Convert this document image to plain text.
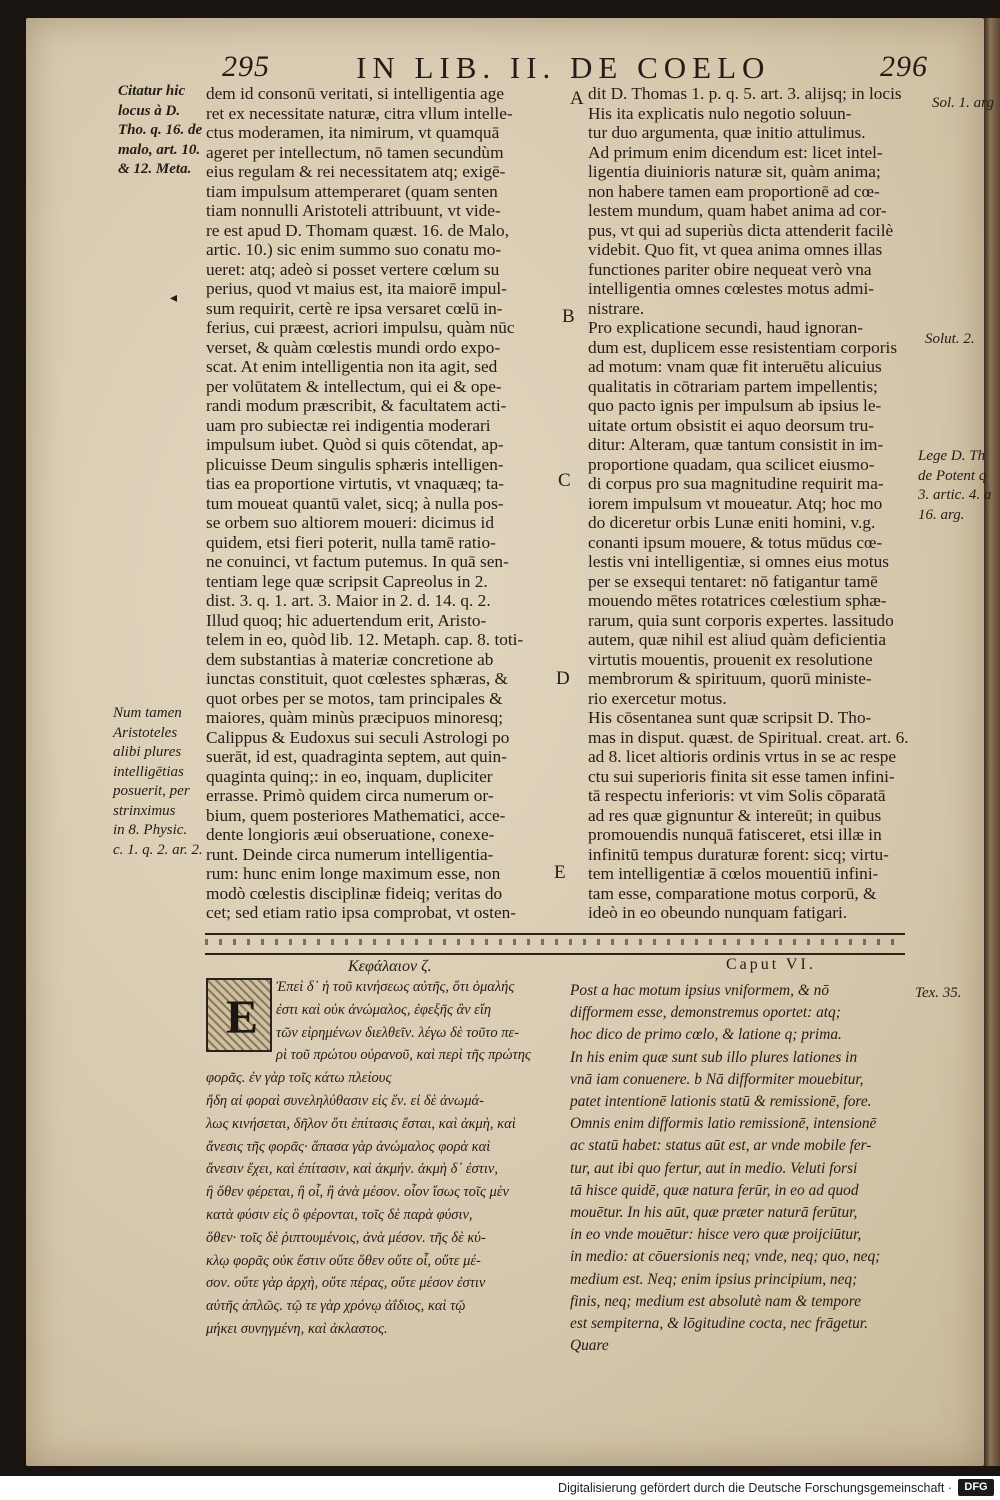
295	IN LIB. II. DE COELO	296
Citatur hic
locus à D.
Tho. q. 16. de
malo, art. 10.
& 12. Meta.
◂
Num tamen
Aristoteles
alibi plures
intelligētias
posuerit, per
strinximus
in 8. Physic.
c. 1. q. 2. ar. 2.
dem id consonū veritati, si intelligentia age
ret ex necessitate naturæ, citra vllum intelle-
ctus moderamen, ita nimirum, vt quamquā
ageret per intellectum, nō tamen secundùm
eius regulam & rei necessitatem atq; exigē-
tiam impulsum attemperaret (quam senten
tiam nonnulli Aristoteli attribuunt, vt vide-
re est apud D. Thomam quæst. 16. de Malo,
artic. 10.) sic enim summo suo conatu mo-
ueret: atq; adeò si posset vertere cœlum su
perius, quod vt maius est, ita maiorē impul-
sum requirit, certè re ipsa versaret cœlū in-
ferius, cui præest, acriori impulsu, quàm nūc
verset, & quàm cœlestis mundi ordo expo-
scat. At enim intelligentia non ita agit, sed
per volūtatem & intellectum, qui ei & ope-
randi modum præscribit, & facultatem acti-
uam pro subiectæ rei indigentia moderari
impulsum iubet. Quòd si quis cōtendat, ap-
plicuisse Deum singulis sphæris intelligen-
tias ea proportione virtutis, vt vnaquæq; ta-
tum moueat quantū valet, sicq; à nulla pos-
se orbem suo altiorem moueri: dicimus id
quidem, etsi fieri poterit, nulla tamē ratio-
ne conuinci, vt factum putemus. In quā sen-
tentiam lege quæ scripsit Capreolus in 2.
dist. 3. q. 1. art. 3. Maior in 2. d. 14. q. 2.
Illud quoq; hic aduertendum erit, Aristo-
telem in eo, quòd lib. 12. Metaph. cap. 8. toti-
dem substantias à materiæ concretione ab
iunctas constituit, quot cœlestes sphæras, &
quot orbes per se motos, tam principales &
maiores, quàm minùs præcipuos minoresq;
Calippus & Eudoxus sui seculi Astrologi po
suerāt, id est, quadraginta septem, aut quin-
quaginta quinq;: in eo, inquam, dupliciter
errasse. Primò quidem circa numerum or-
bium, quem posteriores Mathematici, acce-
dente longioris æui obseruatione, conexe-
runt. Deinde circa numerum intelligentia-
rum: hunc enim longe maximum esse, non
modò cœlestis disciplinæ fideiq; veritas do
cet; sed etiam ratio ipsa comprobat, vt osten-
A
B
C
D
E
dit D. Thomas 1. p. q. 5. art. 3. alijsq; in locis
His ita explicatis nulo negotio soluun-
tur duo argumenta, quæ initio attulimus.
Ad primum enim dicendum est: licet intel-
ligentia diuinioris naturæ sit, quàm anima;
non habere tamen eam proportionē ad cœ-
lestem mundum, quam habet anima ad cor-
pus, vt qui ad superiùs dicta attenderit facilè
videbit. Quo fit, vt quea anima omnes illas
functiones pariter obire nequeat verò vna
intelligentia omnes cœlestes motus admi-
nistrare.
Pro explicatione secundi, haud ignoran-
dum est, duplicem esse resistentiam corporis
ad motum: vnam quæ fit interuētu alicuius
qualitatis in cōtrariam partem impellentis;
quo pacto ignis per impulsum ab ipsius le-
uitate ortum obsistit ei aquo deorsum tru-
ditur: Alteram, quæ tantum consistit in im-
proportione quadam, qua scilicet eiusmo-
di corpus pro sua magnitudine requirit ma-
iorem impulsum vt moueatur. Atq; hoc mo
do diceretur orbis Lunæ eniti homini, v.g.
conanti ipsum mouere, & totus mūdus cœ-
lestis vni intelligentiæ, si omnes eius motus
per se exsequi tentaret: nō fatigantur tamē
mouendo mētes rotatrices cœlestium sphæ-
rarum, quia sunt corporis expertes. lassitudo
autem, quæ nihil est aliud quàm deficientia
virtutis mouentis, prouenit ex resolutione
membrorum & spirituum, quorū ministe-
rio exercetur motus.
His cōsentanea sunt quæ scripsit D. Tho-
mas in disput. quæst. de Spiritual. creat. art. 6.
ad 8. licet altioris ordinis vrtus in se ac respe
ctu sui superioris finita sit esse tamen infini-
tā respectu inferioris: vt vim Solis cōparatā
ad res quæ gignuntur & intereūt; in quibus
promouendis nunquā fatisceret, etsi illæ in
infinitū tempus duraturæ forent: sicq; virtu-
tem intelligentiæ ā cœlos mouentiū infini-
tam esse, comparatione motus corporū, &
ideò in eo obeundo nunquam fatigari.
Sol. 1. arg
Solut. 2.
Lege D. Th
de Potent q
3. artic. 4. a
16. arg.
Κεφάλαιον ζ.	Caput VI.
Ἐπεὶ δ᾽ ἡ τοῦ κινήσεως αὐτῆς, ὅτι ὁμαλής
ἐστι καὶ οὐκ ἀνώμαλος, ἐφεξῆς ἂν εἴη
τῶν εἰρημένων διελθεῖν. λέγω δὲ τοῦτο πε-
ρὶ τοῦ πρώτου οὐρανοῦ, καὶ περὶ τῆς πρώτης
φορᾶς. ἐν γὰρ τοῖς κάτω πλείους
ἤδη αἱ φοραὶ συνεληλύθασιν εἰς ἕν. εἰ δὲ ἀνωμά-
λως κινήσεται, δῆλον ὅτι ἐπίτασις ἔσται, καὶ ἀκμὴ, καὶ
ἄνεσις τῆς φορᾶς· ἅπασα γὰρ ἀνώμαλος φορὰ καὶ
ἄνεσιν ἔχει, καὶ ἐπίτασιν, καὶ ἀκμήν. ἀκμὴ δ᾽ ἐστιν,
ἢ ὅθεν φέρεται, ἢ οἷ, ἢ ἀνὰ μέσον. οἷον ἴσως τοῖς μὲν
κατὰ φύσιν εἰς ὃ φέρονται, τοῖς δὲ παρὰ φύσιν,
ὅθεν· τοῖς δὲ ῥιπτουμένοις, ἀνὰ μέσον. τῆς δὲ κύ-
κλῳ φορᾶς οὐκ ἔστιν οὔτε ὅθεν οὔτε οἷ, οὔτε μέ-
σον. οὔτε γὰρ ἀρχὴ, οὔτε πέρας, οὔτε μέσον ἐστιν
αὐτῆς ἁπλῶς. τῷ τε γὰρ χρόνῳ ἀΐδιος, καὶ τῷ
μήκει συνηγμένη, καὶ ἀκλαστος.
Ε
Post a hac motum ipsius vniformem, & nō
difformem esse, demonstremus oportet: atq;
hoc dico de primo cœlo, & latione q; prima.
In his enim quæ sunt sub illo plures lationes in
vnā iam conuenere. b Nā difformiter mouebitur,
patet intentionē lationis statū & remissionē, fore.
Omnis enim difformis latio remissionē, intensionē
ac statū habet: status aūt est, ar vnde mobile fer-
tur, aut ibi quo fertur, aut in medio. Veluti forsi
tā hisce quidē, quæ natura ferūr, in eo ad quod
mouētur. In his aūt, quæ præter naturā ferūtur,
in eo vnde mouētur: hisce vero quæ proijciūtur,
in medio: at cōuersionis neq; vnde, neq; quo, neq;
medium est. Neq; enim ipsius principium, neq;
finis, neq; medium est absolutè nam & tempore
est sempiterna, & lōgitudine cocta, nec frāgetur.
Quare
Tex. 35.
Digitalisierung gefördert durch die Deutsche Forschungsgemeinschaft ·	DFG
